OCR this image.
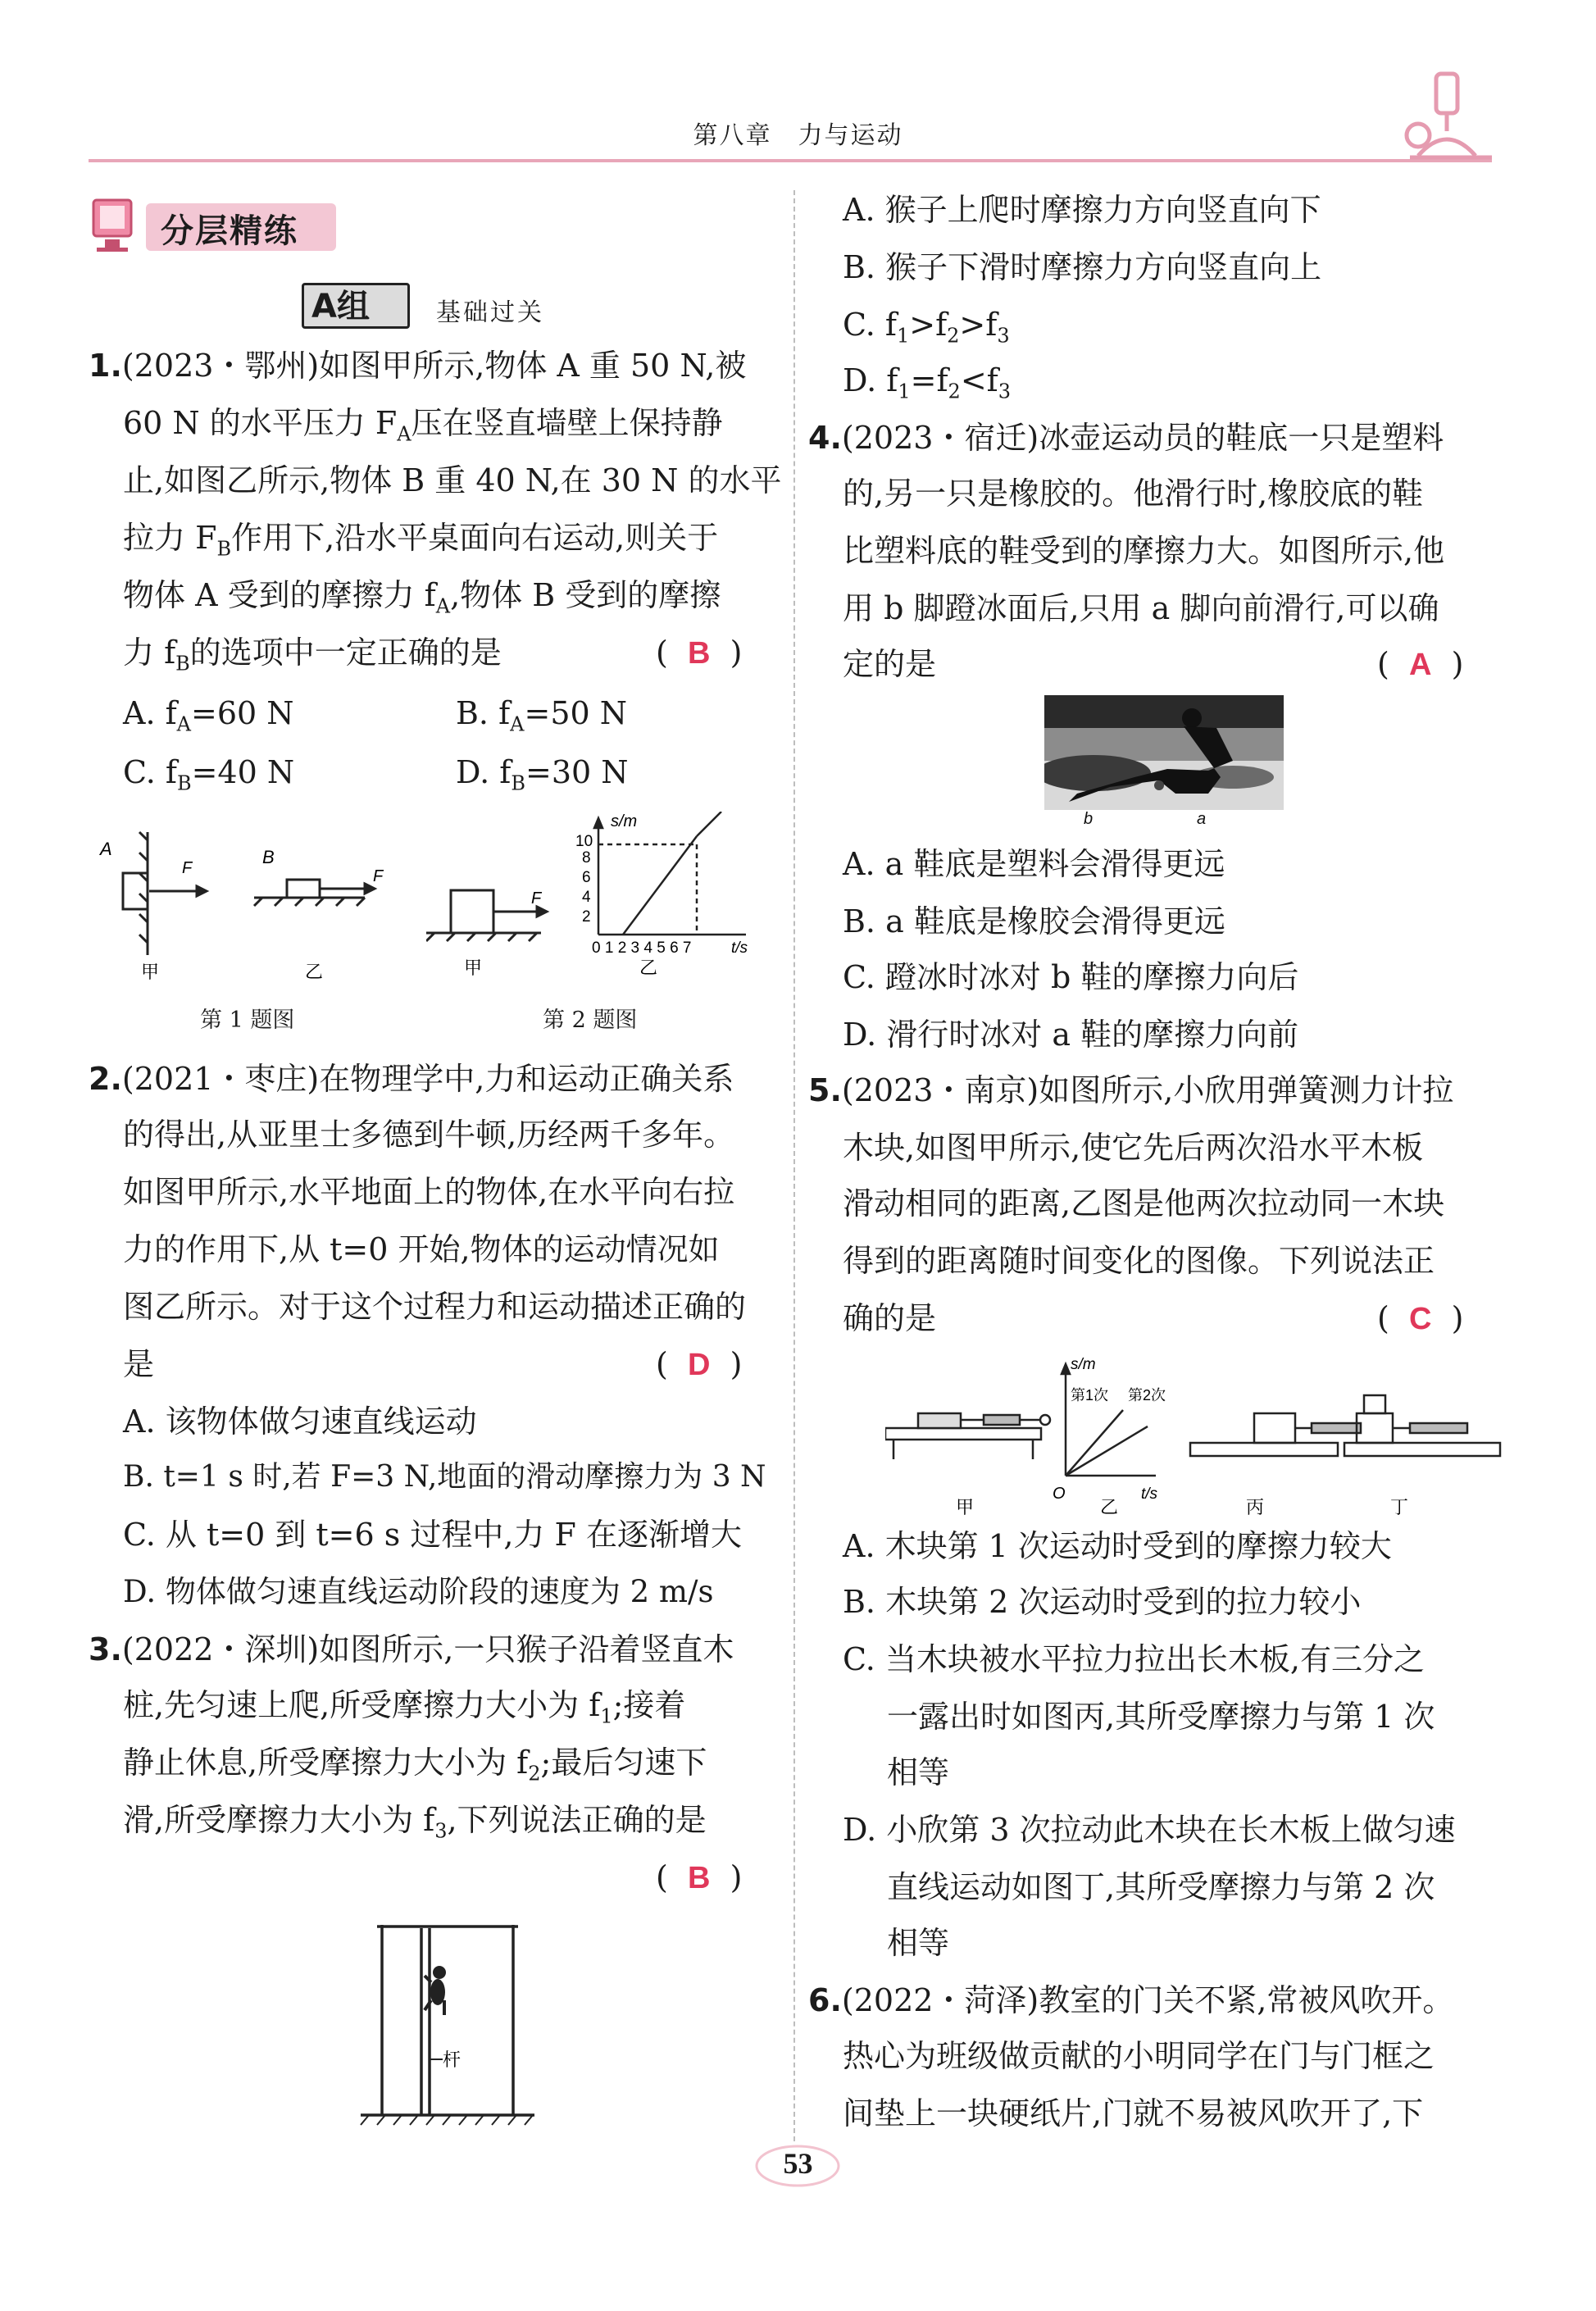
第八章　力与运动
分层精练
A组	基础过关
1.(2023・鄂州)如图甲所示,物体 A 重 50 N,被
60 N 的水平压力 $F_A$压在竖直墙壁上保持静
止,如图乙所示,物体 B 重 40 N,在 30 N 的水平
拉力 $F_B$作用下,沿水平桌面向右运动,则关于
物体 A 受到的摩擦力 $f_A$,物体 B 受到的摩擦
力 $f_B$的选项中一定正确的是	( B )
A. $f_A=60$ N	B. $f_A=50$ N
C. $f_B=40$ N	D. $f_B=30$ N
A
F
B
F
甲	乙
第 1 题图
s/m
10
8
6
4
2
0 1 2 3 4 5 6 7	t/s
F
甲	乙
第 2 题图
2.(2021・枣庄)在物理学中,力和运动正确关系
的得出,从亚里士多德到牛顿,历经两千多年。
如图甲所示,水平地面上的物体,在水平向右拉
力的作用下,从 t=0 开始,物体的运动情况如
图乙所示。对于这个过程力和运动描述正确的
是	( D )
A. 该物体做匀速直线运动
B. t=1 s 时,若 F=3 N,地面的滑动摩擦力为 3 N
C. 从 t=0 到 t=6 s 过程中,力 F 在逐渐增大
D. 物体做匀速直线运动阶段的速度为 2 m/s
3.(2022・深圳)如图所示,一只猴子沿着竖直木
桩,先匀速上爬,所受摩擦力大小为 $f_1$;接着
静止休息,所受摩擦力大小为 $f_2$;最后匀速下
滑,所受摩擦力大小为 $f_3$,下列说法正确的是
( B )
杆
A. 猴子上爬时摩擦力方向竖直向下
B. 猴子下滑时摩擦力方向竖直向上
C. $f_1>f_2>f_3$
D. $f_1=f_2<f_3$
4.(2023・宿迁)冰壶运动员的鞋底一只是塑料
的,另一只是橡胶的。他滑行时,橡胶底的鞋
比塑料底的鞋受到的摩擦力大。如图所示,他
用 b 脚蹬冰面后,只用 a 脚向前滑行,可以确
定的是	( A )
b	a
A. a 鞋底是塑料会滑得更远
B. a 鞋底是橡胶会滑得更远
C. 蹬冰时冰对 b 鞋的摩擦力向后
D. 滑行时冰对 a 鞋的摩擦力向前
5.(2023・南京)如图所示,小欣用弹簧测力计拉
木块,如图甲所示,使它先后两次沿水平木板
滑动相同的距离,乙图是他两次拉动同一木块
得到的距离随时间变化的图像。下列说法正
确的是	( C )
s/m
第1次 第2次
O	t/s
甲	乙	丙	丁
A. 木块第 1 次运动时受到的摩擦力较大
B. 木块第 2 次运动时受到的拉力较小
C. 当木块被水平拉力拉出长木板,有三分之
一露出时如图丙,其所受摩擦力与第 1 次
相等
D. 小欣第 3 次拉动此木块在长木板上做匀速
直线运动如图丁,其所受摩擦力与第 2 次
相等
6.(2022・菏泽)教室的门关不紧,常被风吹开。
热心为班级做贡献的小明同学在门与门框之
间垫上一块硬纸片,门就不易被风吹开了,下
53
